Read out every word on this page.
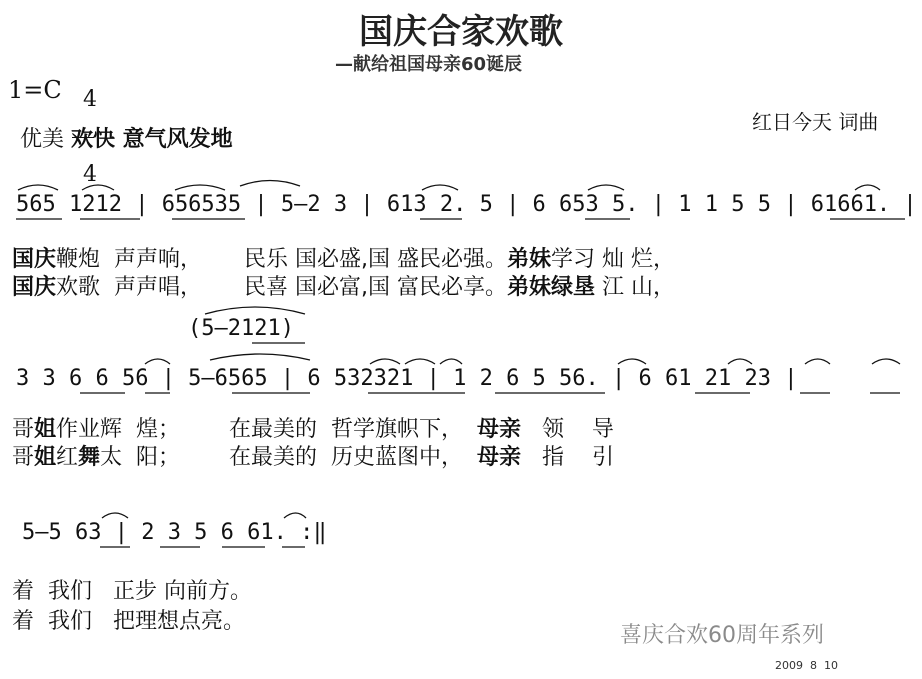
国庆合家欢歌
—献给祖国母亲60诞辰
1=C 4

4

红日今天 词曲
优美 欢快 意气风发地
565 1212 | 656535 | 5—2 3 | 613 2. 5 | 6 653 5. | 1 1 5 5 | 61661. |
国庆鞭炮  声声响，      民乐 国必盛,国 盛民必强。弟妹学习 灿 烂，
国庆欢歌  声声唱，      民喜 国必富,国 富民必享。弟妹绿垦 江 山，
(5—2121)
3 3 6 6 56 | 5—6565 | 6 532321 | 1 2 6 5 56. | 6 61 21 23 |
哥姐作业辉  煌；       在最美的  哲学旗帜下，  母亲   领    导
哥姐红舞太  阳；       在最美的  历史蓝图中，  母亲   指    引
5—5 63 | 2 3 5 6 61. :‖
着  我们   正步 向前方。
着  我们   把理想点亮。
喜庆合欢60周年系列
2009  8  10
